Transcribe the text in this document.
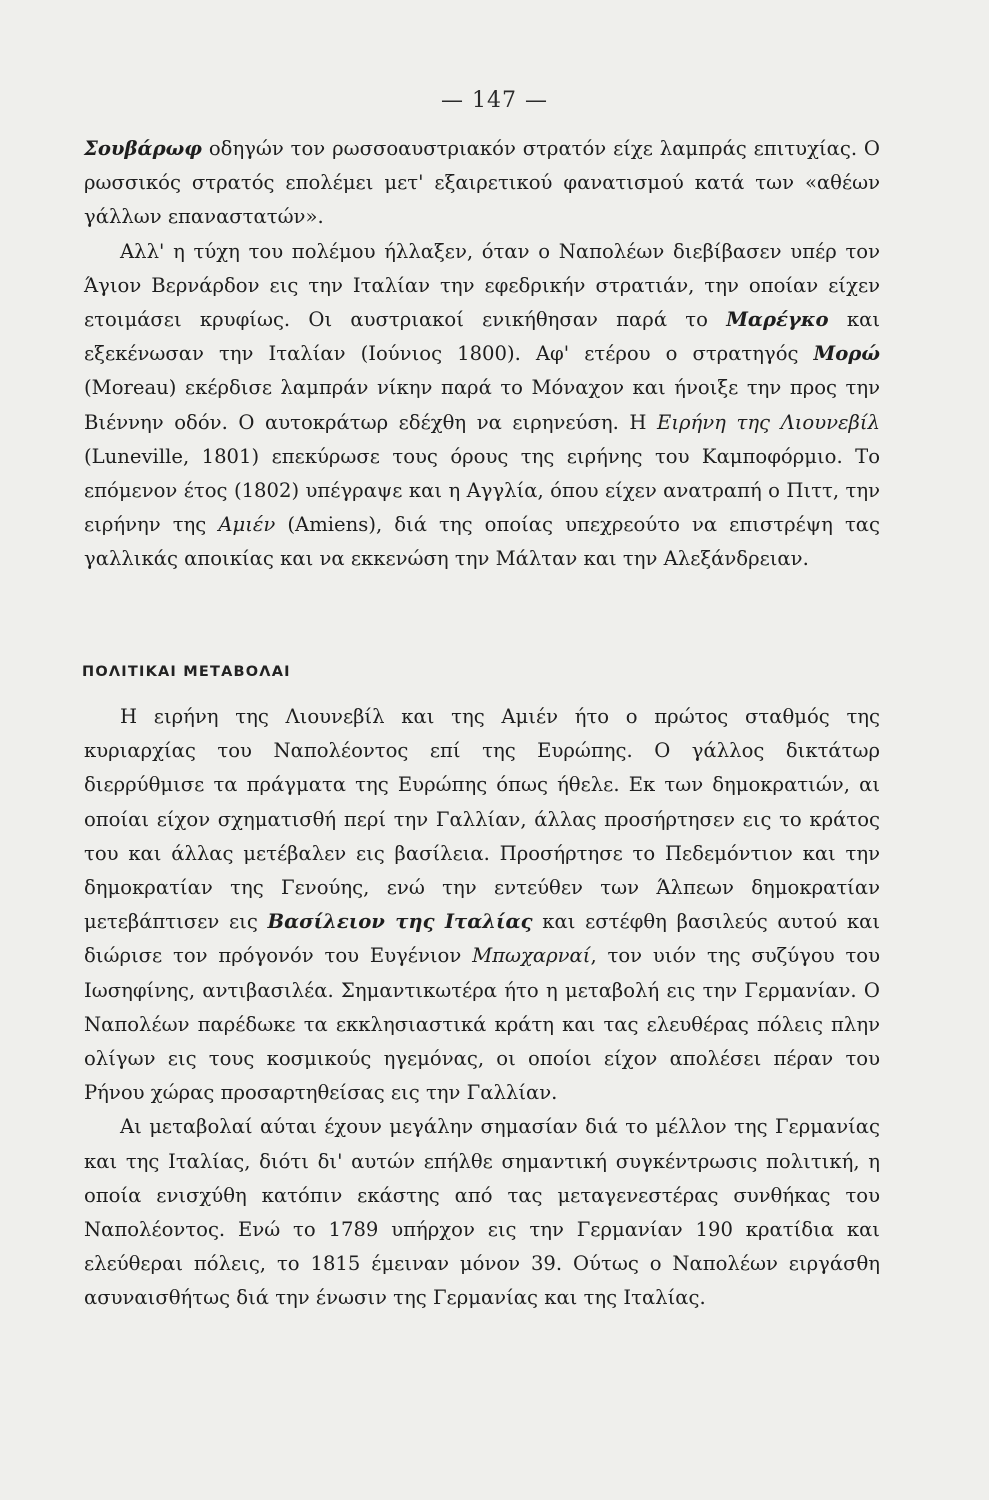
— 147 —

Σουβάρωφ οδηγών τον ρωσσοαυστριακόν στρατόν είχε λαμπράς επιτυχίας. Ο ρωσσικός στρατός επολέμει μετ' εξαιρετικού φανατισμού κατά των «αθέων γάλλων επαναστατών».

Αλλ' η τύχη του πολέμου ήλλαξεν, όταν ο Ναπολέων διεβίβασεν υπέρ τον Άγιον Βερνάρδον εις την Ιταλίαν την εφεδρικήν στρατιάν, την οποίαν είχεν ετοιμάσει κρυφίως. Οι αυστριακοί ενικήθησαν παρά το Μαρέγκο και εξεκένωσαν την Ιταλίαν (Ιούνιος 1800). Αφ' ετέρου ο στρατηγός Μορώ (Moreau) εκέρδισε λαμπράν νίκην παρά το Μόναχον και ήνοιξε την προς την Βιέννην οδόν. Ο αυτοκράτωρ εδέχθη να ειρηνεύση. Η Ειρήνη της Λιουνεβίλ (Luneville, 1801) επεκύρωσε τους όρους της ειρήνης του Καμποφόρμιο. Το επόμενον έτος (1802) υπέγραψε και η Αγγλία, όπου είχεν ανατραπή ο Πιττ, την ειρήνην της Αμιέν (Amiens), διά της οποίας υπεχρεούτο να επιστρέψη τας γαλλικάς αποικίας και να εκκενώση την Μάλταν και την Αλεξάνδρειαν.

ΠΟΛΙΤΙΚΑΙ ΜΕΤΑΒΟΛΑΙ

Η ειρήνη της Λιουνεβίλ και της Αμιέν ήτο ο πρώτος σταθμός της κυριαρχίας του Ναπολέοντος επί της Ευρώπης. Ο γάλλος δικτάτωρ διερρύθμισε τα πράγματα της Ευρώπης όπως ήθελε. Εκ των δημοκρατιών, αι οποίαι είχον σχηματισθή περί την Γαλλίαν, άλλας προσήρτησεν εις το κράτος του και άλλας μετέβαλεν εις βασίλεια. Προσήρτησε το Πεδεμόντιον και την δημοκρατίαν της Γενούης, ενώ την εντεύθεν των Άλπεων δημοκρατίαν μετεβάπτισεν εις Βασίλειον της Ιταλίας και εστέφθη βασιλεύς αυτού και διώρισε τον πρόγονόν του Ευγένιον Μπωχαρναί, τον υιόν της συζύγου του Ιωσηφίνης, αντιβασιλέα. Σημαντικωτέρα ήτο η μεταβολή εις την Γερμανίαν. Ο Ναπολέων παρέδωκε τα εκκλησιαστικά κράτη και τας ελευθέρας πόλεις πλην ολίγων εις τους κοσμικούς ηγεμόνας, οι οποίοι είχον απολέσει πέραν του Ρήνου χώρας προσαρτηθείσας εις την Γαλλίαν.

Αι μεταβολαί αύται έχουν μεγάλην σημασίαν διά το μέλλον της Γερμανίας και της Ιταλίας, διότι δι' αυτών επήλθε σημαντική συγκέντρωσις πολιτική, η οποία ενισχύθη κατόπιν εκάστης από τας μεταγενεστέρας συνθήκας του Ναπολέοντος. Ενώ το 1789 υπήρχον εις την Γερμανίαν 190 κρατίδια και ελεύθεραι πόλεις, το 1815 έμειναν μόνον 39. Ούτως ο Ναπολέων ειργάσθη ασυναισθήτως διά την ένωσιν της Γερμανίας και της Ιταλίας.
